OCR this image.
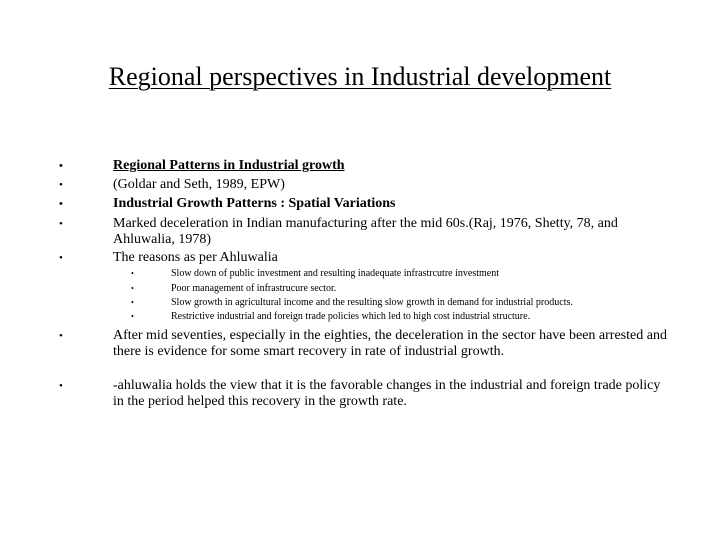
Regional perspectives in Industrial development
•	Regional Patterns in Industrial growth
•	(Goldar and Seth, 1989, EPW)
•	Industrial Growth Patterns : Spatial Variations
•	Marked deceleration in Indian manufacturing after the mid 60s.(Raj, 1976, Shetty, 78, and Ahluwalia, 1978)
•	The reasons as per Ahluwalia
•	Slow down of public investment and resulting inadequate infrastrcutre investment
•	Poor management of infrastrucure sector.
•	Slow growth in agricultural income and the resulting slow growth in demand for industrial products.
•	Restrictive industrial and foreign trade policies which led to high cost industrial structure.
•	After mid seventies, especially in the eighties, the deceleration in the sector have been arrested and there is evidence for some smart recovery in rate of industrial growth.
•	-ahluwalia holds the view that it is the favorable changes in the industrial and foreign trade policy in the period helped this recovery in the growth rate.
